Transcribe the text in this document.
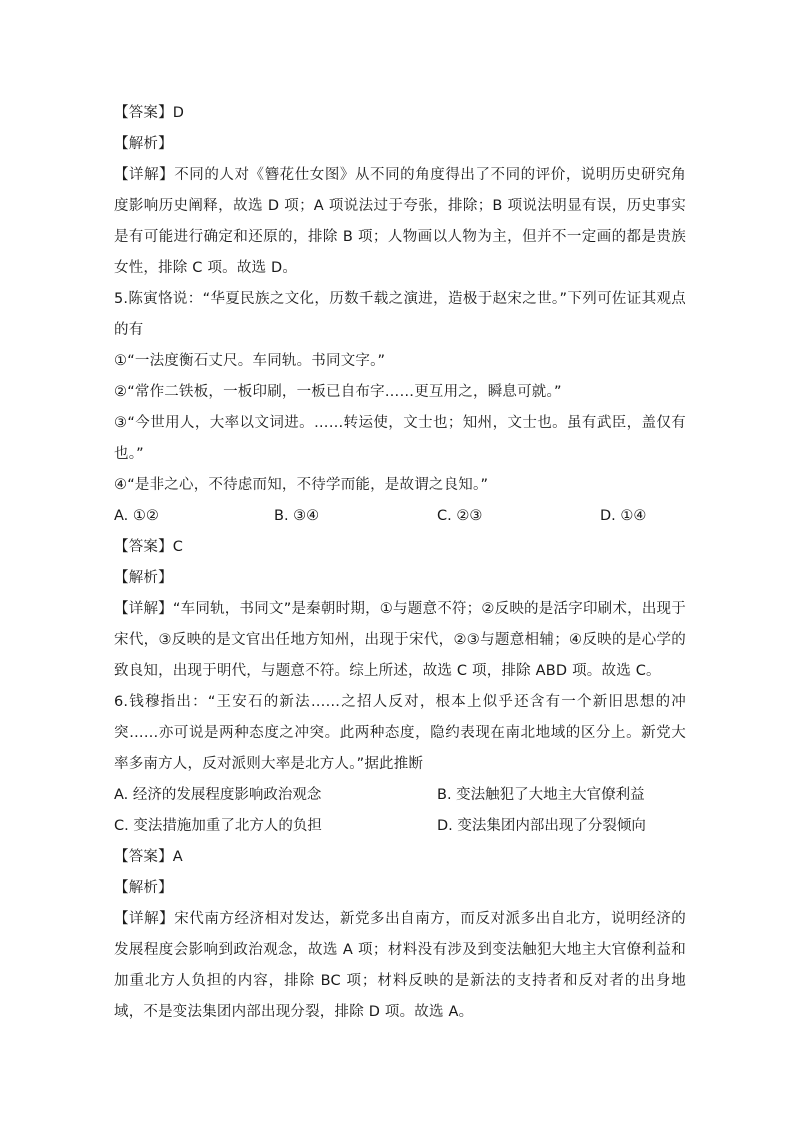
【答案】D
【解析】
【详解】不同的人对《簪花仕女图》从不同的角度得出了不同的评价，说明历史研究角度影响历史阐释，故选 D 项；A 项说法过于夸张，排除；B 项说法明显有误，历史事实是有可能进行确定和还原的，排除 B 项；人物画以人物为主，但并不一定画的都是贵族女性，排除 C 项。故选 D。
5.陈寅恪说：“华夏民族之文化，历数千载之演进，造极于赵宋之世。”下列可佐证其观点的有
①“一法度衡石丈尺。车同轨。书同文字。”
②“常作二铁板，一板印刷，一板已自布字……更互用之，瞬息可就。”
③“今世用人，大率以文词进。……转运使，文士也；知州，文士也。虽有武臣，盖仅有也。”
④“是非之心，不待虑而知，不待学而能，是故谓之良知。”
A. ①②	B. ③④	C. ②③	D. ①④
【答案】C
【解析】
【详解】“车同轨，书同文”是秦朝时期，①与题意不符；②反映的是活字印刷术，出现于宋代，③反映的是文官出任地方知州，出现于宋代，②③与题意相辅；④反映的是心学的致良知，出现于明代，与题意不符。综上所述，故选 C 项，排除 ABD 项。故选 C。
6.钱穆指出：“王安石的新法……之招人反对，根本上似乎还含有一个新旧思想的冲突……亦可说是两种态度之冲突。此两种态度，隐约表现在南北地域的区分上。新党大率多南方人，反对派则大率是北方人。”据此推断
A. 经济的发展程度影响政治观念	B. 变法触犯了大地主大官僚利益
C. 变法措施加重了北方人的负担	D. 变法集团内部出现了分裂倾向
【答案】A
【解析】
【详解】宋代南方经济相对发达，新党多出自南方，而反对派多出自北方，说明经济的发展程度会影响到政治观念，故选 A 项；材料没有涉及到变法触犯大地主大官僚利益和加重北方人负担的内容，排除 BC 项；材料反映的是新法的支持者和反对者的出身地域，不是变法集团内部出现分裂，排除 D 项。故选 A。
